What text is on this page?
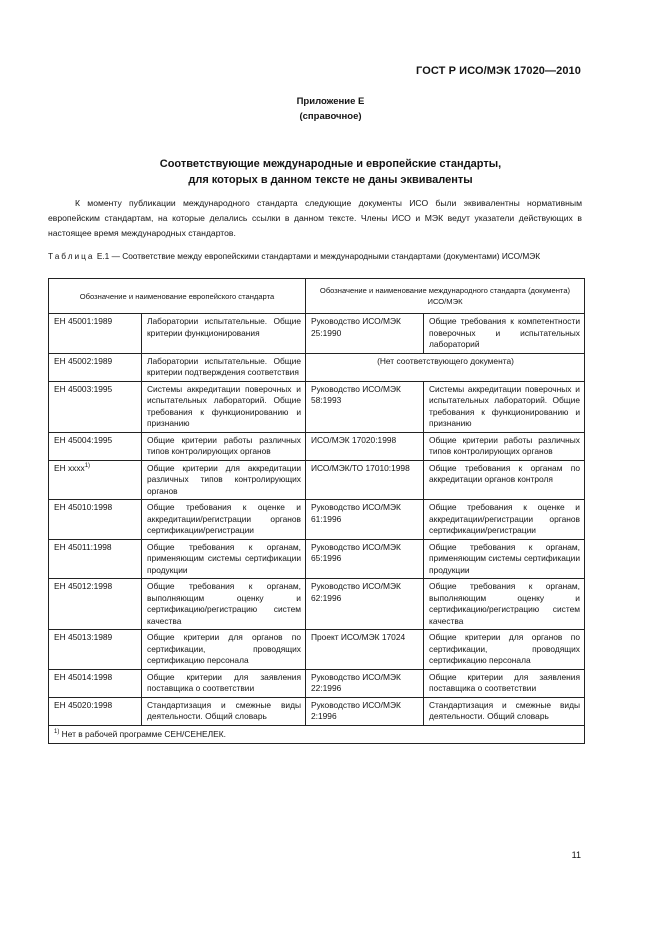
ГОСТ Р ИСО/МЭК 17020—2010
Приложение Е
(справочное)
Соответствующие международные и европейские стандарты,
для которых в данном тексте не даны эквиваленты

К моменту публикации международного стандарта следующие документы ИСО были эквивалентны нормативным европейским стандартам, на которые делались ссылки в данном тексте. Члены ИСО и МЭК ведут указатели действующих в настоящее время международных стандартов.

Таблица Е.1 — Соответствие между европейскими стандартами и международными стандартами (документами) ИСО/МЭК
Обозначение и наименование европейского стандарта		Обозначение и наименование международного стандарта (документа) ИСО/МЭК	
ЕН 45001:1989	Лаборатории испытательные. Общие критерии функционирования	Руководство ИСО/МЭК 25:1990	Общие требования к компетентности поверочных и испытательных лабораторий
ЕН 45002:1989	Лаборатории испытательные. Общие критерии подтверждения соответствия	(Нет соответствующего документа)	
ЕН 45003:1995	Системы аккредитации поверочных и испытательных лабораторий. Общие требования к функционированию и признанию	Руководство ИСО/МЭК 58:1993	Системы аккредитации поверочных и испытательных лабораторий. Общие требования к функционированию и признанию
ЕН 45004:1995	Общие критерии работы различных типов контролирующих органов	ИСО/МЭК 17020:1998	Общие критерии работы различных типов контролирующих органов
ЕН хххх$^{1)}$	Общие критерии для аккредитации различных типов контролирующих органов	ИСО/МЭК/ТО 17010:1998	Общие требования к органам по аккредитации органов контроля
ЕН 45010:1998	Общие требования к оценке и аккредитации/регистрации органов сертификации/регистрации	Руководство ИСО/МЭК 61:1996	Общие требования к оценке и аккредитации/регистрации органов сертификации/регистрации
ЕН 45011:1998	Общие требования к органам, применяющим системы сертификации продукции	Руководство ИСО/МЭК 65:1996	Общие требования к органам, применяющим системы сертификации продукции
ЕН 45012:1998	Общие требования к органам, выполняющим оценку и сертификацию/регистрацию систем качества	Руководство ИСО/МЭК 62:1996	Общие требования к органам, выполняющим оценку и сертификацию/регистрацию систем качества
ЕН 45013:1989	Общие критерии для органов по сертификации, проводящих сертификацию персонала	Проект ИСО/МЭК 17024	Общие критерии для органов по сертификации, проводящих сертификацию персонала
ЕН 45014:1998	Общие критерии для заявления поставщика о соответствии	Руководство ИСО/МЭК 22:1996	Общие критерии для заявления поставщика о соответствии
ЕН 45020:1998	Стандартизация и смежные виды деятельности. Общий словарь	Руководство ИСО/МЭК 2:1996	Стандартизация и смежные виды деятельности. Общий словарь
$^{1)}$ Нет в рабочей программе СЕН/СЕНЕЛЕК.			
11
